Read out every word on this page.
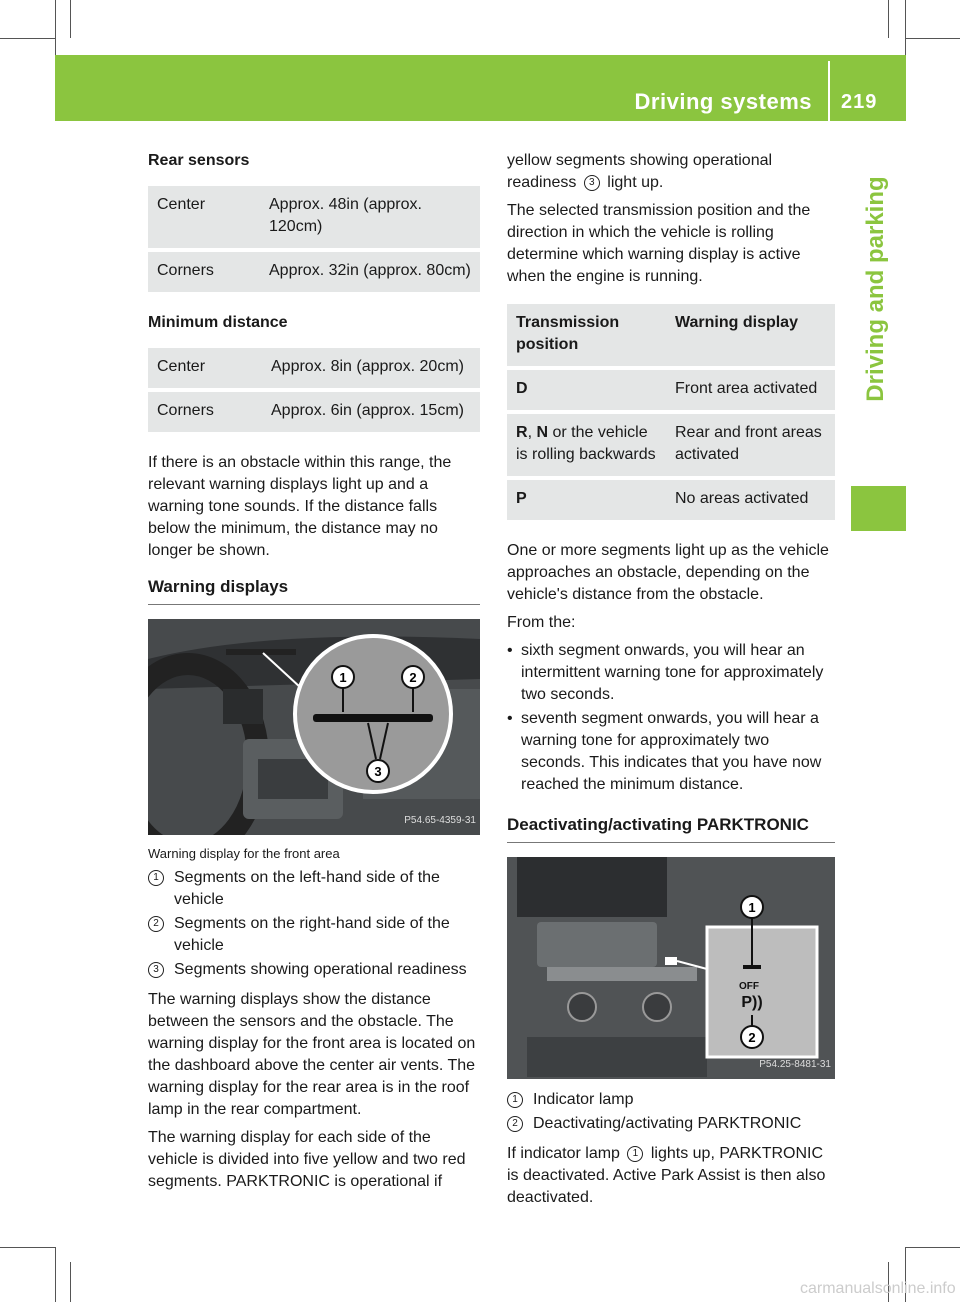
Driving systems 219
Driving and parking
Rear sensors
Center	Approx. 48in (approx. 120cm)
Corners	Approx. 32in (approx. 80cm)
Minimum distance
Center	Approx. 8in (approx. 20cm)
Corners	Approx. 6in (approx. 15cm)

If there is an obstacle within this range, the relevant warning displays light up and a warning tone sounds. If the distance falls below the minimum, the distance may no longer be shown.

Warning displays
1	2
3
P54.65-4359-31
Warning display for the front area
1 Segments on the left-hand side of the vehicle
2 Segments on the right-hand side of the vehicle
3 Segments showing operational readiness

The warning displays show the distance between the sensors and the obstacle. The warning display for the front area is located on the dashboard above the center air vents. The warning display for the rear area is in the roof lamp in the rear compartment.

The warning display for each side of the vehicle is divided into five yellow and two red segments. PARKTRONIC is operational if

yellow segments showing operational readiness 3 light up.

The selected transmission position and the direction in which the vehicle is rolling determine which warning display is active when the engine is running.

Transmission position	Warning display
D	Front area activated
R, N or the vehicle is rolling backwards	Rear and front areas activated
P	No areas activated

One or more segments light up as the vehicle approaches an obstacle, depending on the vehicle's distance from the obstacle.

From the:

• sixth segment onwards, you will hear an intermittent warning tone for approximately two seconds.
• seventh segment onwards, you will hear a warning tone for approximately two seconds. This indicates that you have now reached the minimum distance.
Deactivating/activating PARKTRONIC
1
2
P))
OFF
P54.25-8481-31
1 Indicator lamp
2 Deactivating/activating PARKTRONIC

If indicator lamp 1 lights up, PARKTRONIC is deactivated. Active Park Assist is then also deactivated.

carmanualsonline.info
